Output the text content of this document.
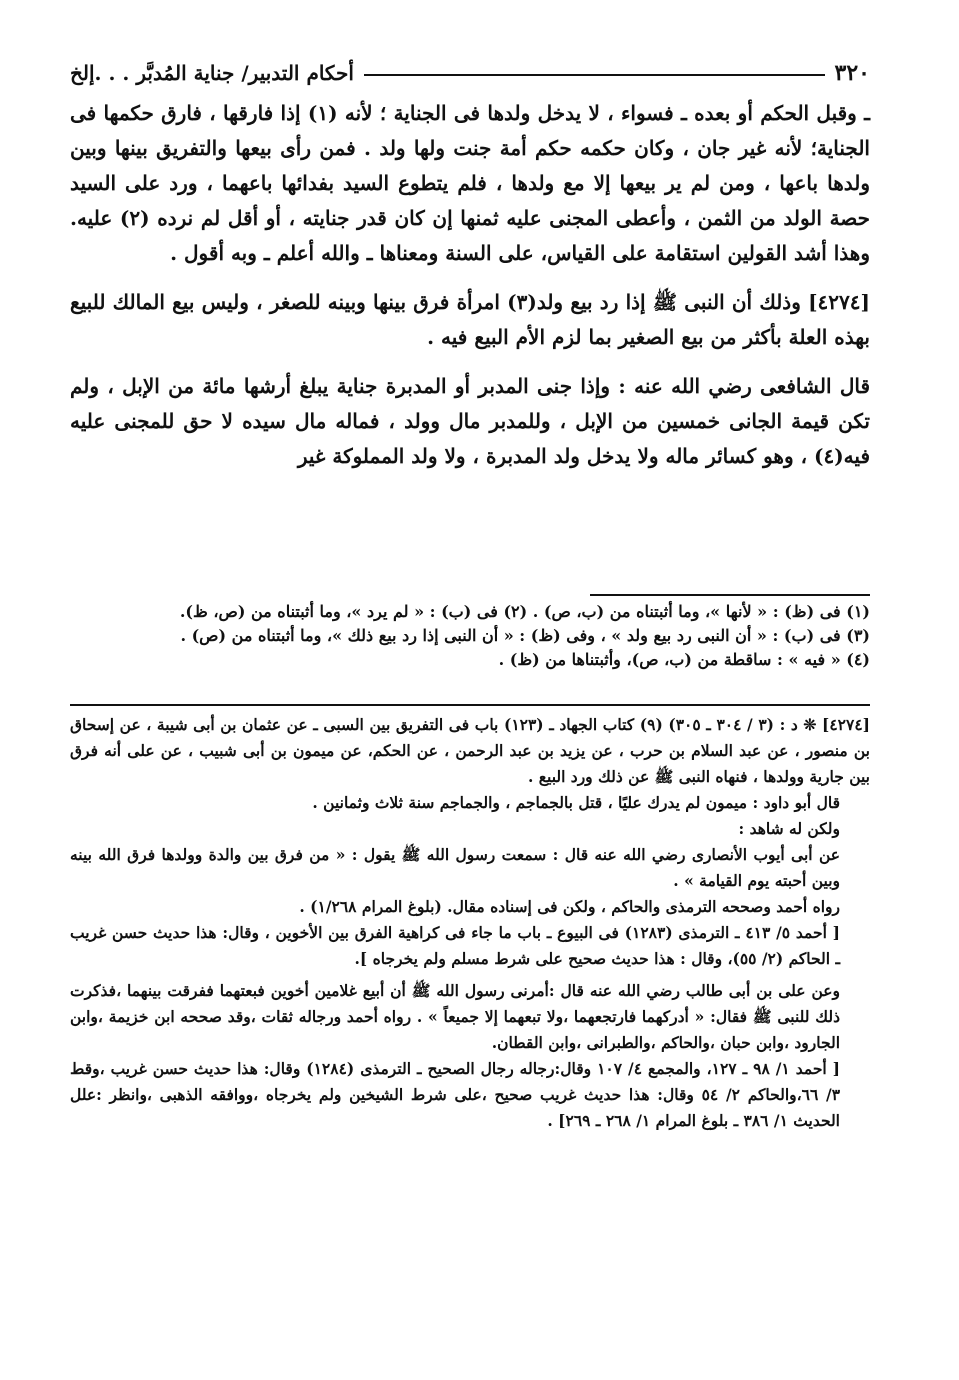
٣٢٠
أحكام التدبير/ جناية المُدبَّر . . .إلخ

ـ وقبل الحكم أو بعده ـ فسواء ، لا يدخل ولدها فى الجناية ؛ لأنه (١) إذا فارقها ، فارق حكمها فى الجناية؛ لأنه غير جان ، وكان حكمه حكم أمة جنت ولها ولد . فمن رأى بيعها والتفريق بينها وبين ولدها باعها ، ومن لم ير بيعها إلا مع ولدها ، فلم يتطوع السيد بفدائها باعهما ، ورد على السيد حصة الولد من الثمن ، وأعطى المجنى عليه ثمنها إن كان قدر جنايته ، أو أقل لم نرده (٢) عليه. وهذا أشد القولين استقامة على القياس، على السنة ومعناها ـ والله أعلم ـ وبه أقول .

[٤٢٧٤] وذلك أن النبى ﷺ إذا رد بيع ولد(٣) امرأة فرق بينها وبينه للصغر ، وليس بيع المالك للبيع بهذه العلة بأكثر من بيع الصغير بما لزم الأم البيع فيه .

قال الشافعى رضي الله عنه : وإذا جنى المدبر أو المدبرة جناية يبلغ أرشها مائة من الإبل ، ولم تكن قيمة الجانى خمسين من الإبل ، وللمدبر مال وولد ، فماله مال سيده لا حق للمجنى عليه فيه(٤) ، وهو كسائر ماله ولا يدخل ولد المدبرة ، ولا ولد المملوكة غير

(١) فى (ظ) : « لأنها »، وما أثبتناه من (ب، ص) . (٢) فى (ب) : « لم يرد »، وما أثبتناه من (ص، ظ).
(٣) فى (ب) : « أن النبى رد بيع ولد » ، وفى (ظ) : « أن النبى إذا رد بيع ذلك »، وما أثبتناه من (ص) .
(٤) « فيه » : ساقطة من (ب، ص)، وأثبتناها من (ظ) .

[٤٢٧٤] ❊ د : (٣ / ٣٠٤ ـ ٣٠٥) (٩) كتاب الجهاد ـ (١٢٣) باب فى التفريق بين السبى ـ عن عثمان بن أبى شيبة ، عن إسحاق بن منصور ، عن عبد السلام بن حرب ، عن يزيد بن عبد الرحمن ، عن الحكم، عن ميمون بن أبى شبيب ، عن على أنه فرق بين جارية وولدها ، فنهاه النبى ﷺ عن ذلك ورد البيع .

قال أبو داود : ميمون لم يدرك عليًا ، قتل بالجماجم ، والجماجم سنة ثلاث وثمانين .

ولكن له شاهد :

عن أبى أيوب الأنصارى رضي الله عنه قال : سمعت رسول الله ﷺ يقول : « من فرق بين والدة وولدها فرق الله بينه وبين أحبته يوم القيامة » .

رواه أحمد وصححه الترمذى والحاكم ، ولكن فى إسناده مقال. (بلوغ المرام ١/٢٦٨) .

[ أحمد ٥/ ٤١٣ ـ الترمذى (١٢٨٣) فى البيوع ـ باب ما جاء فى كراهية الفرق بين الأخوين ، وقال: هذا حديث حسن غريب ـ الحاكم (٢/ ٥٥)، وقال : هذا حديث صحيح على شرط مسلم ولم يخرجاه ].

وعن على بن أبى طالب رضي الله عنه قال :أمرنى رسول الله ﷺ أن أبيع غلامين أخوين فبعتهما ففرقت بينهما ،فذكرت ذلك للنبى ﷺ فقال: « أدركهما فارتجعهما ،ولا تبعهما إلا جميعاً » . رواه أحمد ورجاله ثقات ،وقد صححه ابن خزيمة ،وابن الجارود ،وابن حبان ،والحاكم ،والطبرانى ،وابن القطان.

[ أحمد ١/ ٩٨ ـ ١٢٧، والمجمع ٤/ ١٠٧ وقال:رجاله رجال الصحيح ـ الترمذى (١٢٨٤) وقال: هذا حديث حسن غريب ،وقط ٣/ ٦٦،والحاكم ٢/ ٥٤ وقال: هذا حديث غريب صحيح ،على شرط الشيخين ولم يخرجاه ،ووافقه الذهبى ،وانظر :علل الحديث ١/ ٣٨٦ ـ بلوغ المرام ١/ ٢٦٨ ـ ٢٦٩] .
